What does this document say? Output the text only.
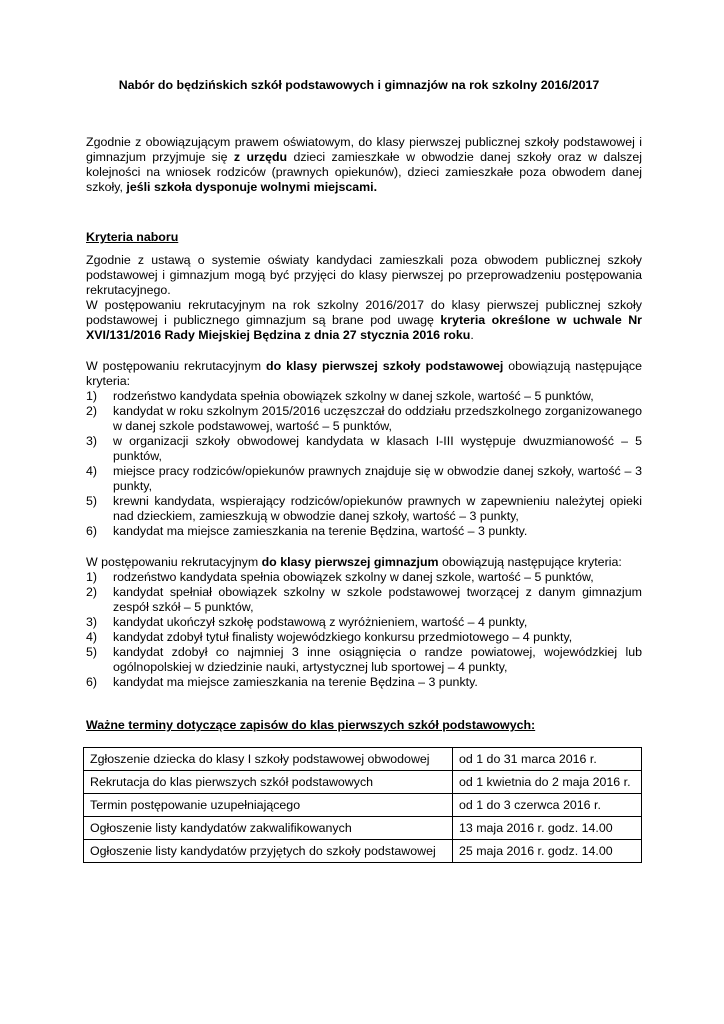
Nabór do będzińskich szkół podstawowych i gimnazjów na rok szkolny 2016/2017

Zgodnie z obowiązującym prawem oświatowym, do klasy pierwszej publicznej szkoły podstawowej i gimnazjum przyjmuje się z urzędu dzieci zamieszkałe w obwodzie danej szkoły oraz w dalszej kolejności na wniosek rodziców (prawnych opiekunów), dzieci zamieszkałe poza obwodem danej szkoły, jeśli szkoła dysponuje wolnymi miejscami.

Kryteria naboru

Zgodnie z ustawą o systemie oświaty kandydaci zamieszkali poza obwodem publicznej szkoły podstawowej i gimnazjum mogą być przyjęci do klasy pierwszej po przeprowadzeniu postępowania rekrutacyjnego.

W postępowaniu rekrutacyjnym na rok szkolny 2016/2017 do klasy pierwszej publicznej szkoły podstawowej i publicznego gimnazjum są brane pod uwagę kryteria określone w uchwale Nr XVI/131/2016 Rady Miejskiej Będzina z dnia 27 stycznia 2016 roku.

W postępowaniu rekrutacyjnym do klasy pierwszej szkoły podstawowej obowiązują następujące kryteria:

1) rodzeństwo kandydata spełnia obowiązek szkolny w danej szkole, wartość – 5 punktów,
2) kandydat w roku szkolnym 2015/2016 uczęszczał do oddziału przedszkolnego zorganizowanego w danej szkole podstawowej, wartość – 5 punktów,
3) w organizacji szkoły obwodowej kandydata w klasach I-III występuje dwuzmianowość – 5 punktów,
4) miejsce pracy rodziców/opiekunów prawnych znajduje się w obwodzie danej szkoły, wartość – 3 punkty,
5) krewni kandydata, wspierający rodziców/opiekunów prawnych w zapewnieniu należytej opieki nad dzieckiem, zamieszkują w obwodzie danej szkoły, wartość – 3 punkty,
6) kandydat ma miejsce zamieszkania na terenie Będzina, wartość – 3 punkty.

W postępowaniu rekrutacyjnym do klasy pierwszej gimnazjum obowiązują następujące kryteria:

1) rodzeństwo kandydata spełnia obowiązek szkolny w danej szkole, wartość – 5 punktów,
2) kandydat spełniał obowiązek szkolny w szkole podstawowej tworzącej z danym gimnazjum zespół szkół – 5 punktów,
3) kandydat ukończył szkołę podstawową z wyróżnieniem, wartość – 4 punkty,
4) kandydat zdobył tytuł finalisty wojewódzkiego konkursu przedmiotowego – 4 punkty,
5) kandydat zdobył co najmniej 3 inne osiągnięcia o randze powiatowej, wojewódzkiej lub ogólnopolskiej w dziedzinie nauki, artystycznej lub sportowej – 4 punkty,
6) kandydat ma miejsce zamieszkania na terenie Będzina – 3 punkty.

Ważne terminy dotyczące zapisów do klas pierwszych szkół podstawowych:

Zgłoszenie dziecka do klasy I szkoły podstawowej obwodowej	od 1 do 31 marca 2016 r.
Rekrutacja do klas pierwszych szkół podstawowych	od 1 kwietnia do 2 maja 2016 r.
Termin postępowanie uzupełniającego	od 1 do 3 czerwca 2016 r.
Ogłoszenie listy kandydatów zakwalifikowanych	13 maja 2016 r. godz. 14.00
Ogłoszenie listy kandydatów przyjętych do szkoły podstawowej	25 maja 2016 r. godz. 14.00
